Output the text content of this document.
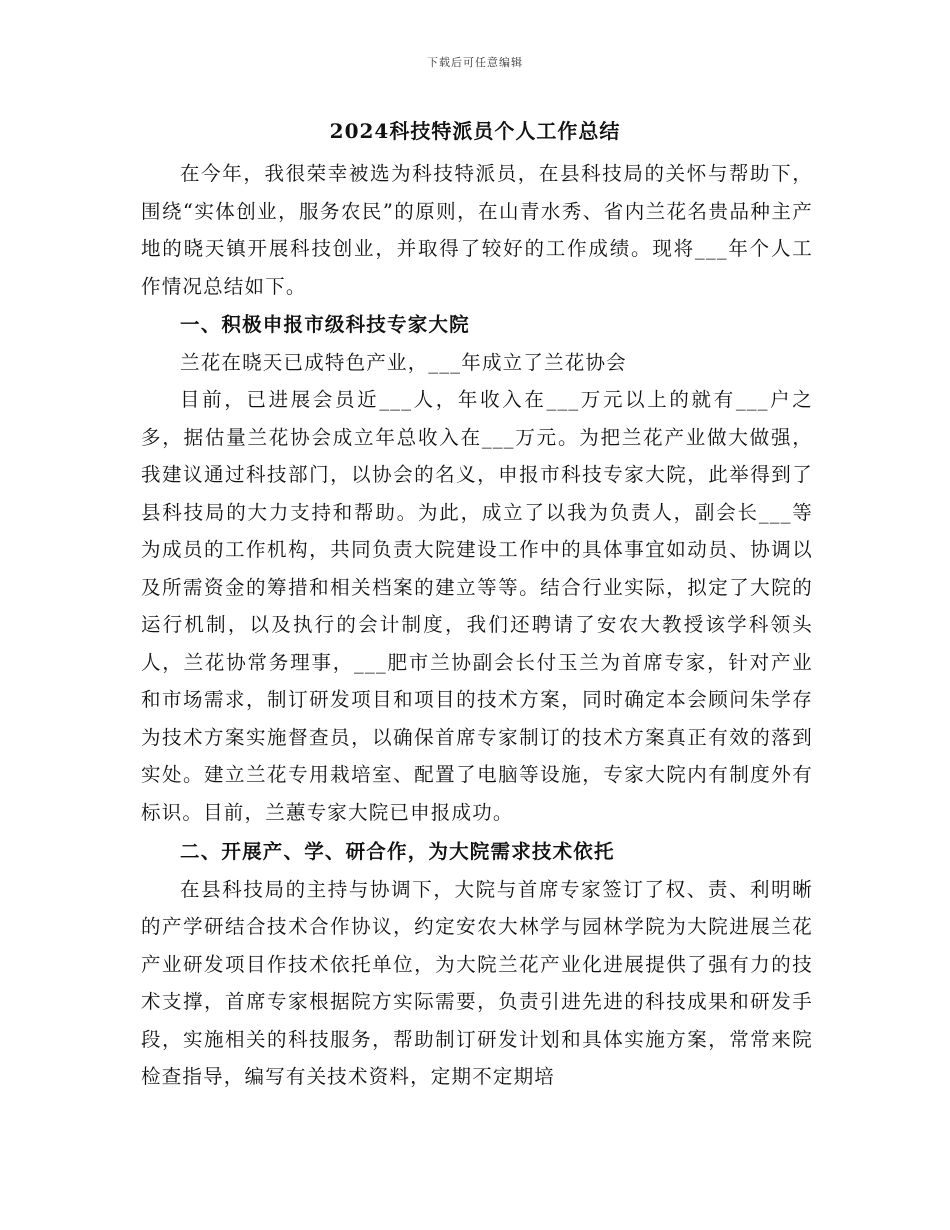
下载后可任意编辑
2024科技特派员个人工作总结

在今年，我很荣幸被选为科技特派员，在县科技局的关怀与帮助下，围绕“实体创业，服务农民”的原则，在山青水秀、省内兰花名贵品种主产地的晓天镇开展科技创业，并取得了较好的工作成绩。现将___年个人工作情况总结如下。

一、积极申报市级科技专家大院

兰花在晓天已成特色产业，___年成立了兰花协会

目前，已进展会员近___人，年收入在___万元以上的就有___户之多，据估量兰花协会成立年总收入在___万元。为把兰花产业做大做强，我建议通过科技部门，以协会的名义，申报市科技专家大院，此举得到了县科技局的大力支持和帮助。为此，成立了以我为负责人，副会长___等为成员的工作机构，共同负责大院建设工作中的具体事宜如动员、协调以及所需资金的筹措和相关档案的建立等等。结合行业实际，拟定了大院的运行机制，以及执行的会计制度，我们还聘请了安农大教授该学科领头人，兰花协常务理事，___肥市兰协副会长付玉兰为首席专家，针对产业和市场需求，制订研发项目和项目的技术方案，同时确定本会顾问朱学存为技术方案实施督查员，以确保首席专家制订的技术方案真正有效的落到实处。建立兰花专用栽培室、配置了电脑等设施，专家大院内有制度外有标识。目前，兰蕙专家大院已申报成功。

二、开展产、学、研合作，为大院需求技术依托

在县科技局的主持与协调下，大院与首席专家签订了权、责、利明晰的产学研结合技术合作协议，约定安农大林学与园林学院为大院进展兰花产业研发项目作技术依托单位，为大院兰花产业化进展提供了强有力的技术支撑，首席专家根据院方实际需要，负责引进先进的科技成果和研发手段，实施相关的科技服务，帮助制订研发计划和具体实施方案，常常来院检查指导，编写有关技术资料，定期不定期培
